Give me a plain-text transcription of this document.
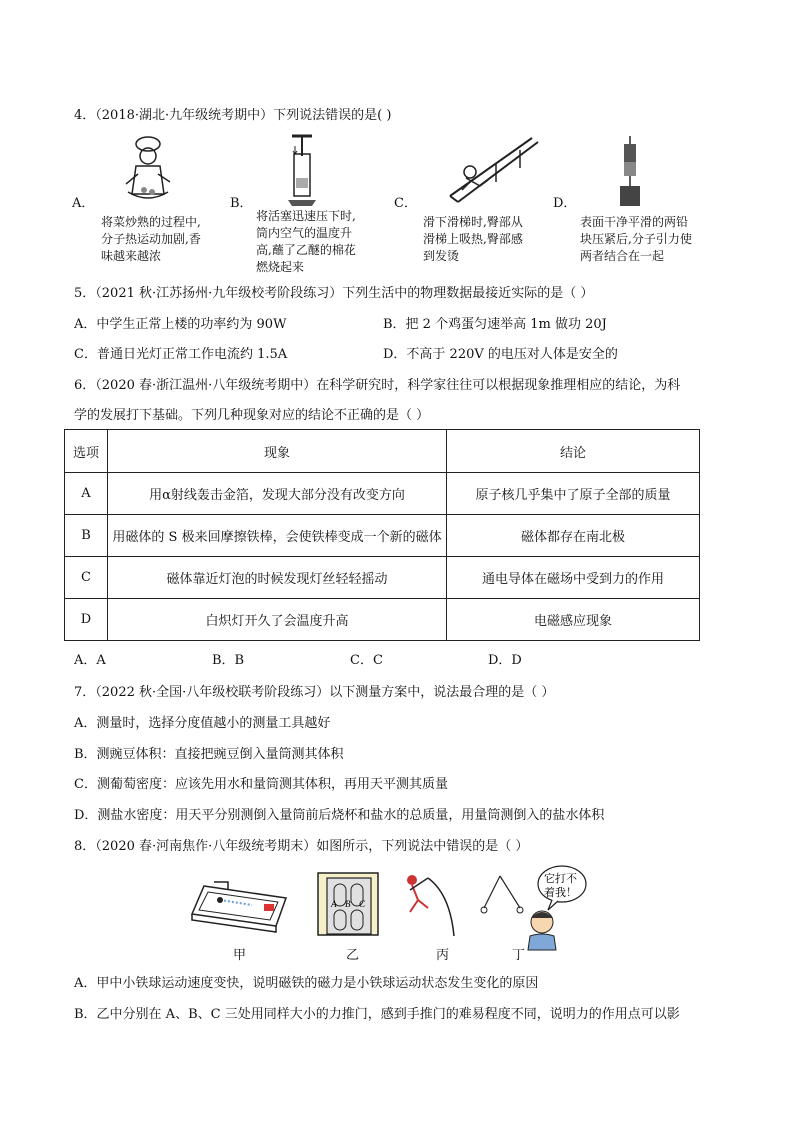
4．（2018·湖北·九年级统考期中）下列说法错误的是( )
A．
将菜炒熟的过程中,
分子热运动加剧,香
味越来越浓
B．
将活塞迅速压下时,
筒内空气的温度升
高,蘸了乙醚的棉花
燃烧起来
C．
滑下滑梯时,臀部从
滑梯上吸热,臀部感
到发烫
D．
表面干净平滑的两铅
块压紧后,分子引力使
两者结合在一起
5．（2021 秋·江苏扬州·九年级校考阶段练习）下列生活中的物理数据最接近实际的是（ ）
A．中学生正常上楼的功率约为 90W	B．把 2 个鸡蛋匀速举高 1m 做功 20J
C．普通日光灯正常工作电流约 1.5A	D．不高于 220V 的电压对人体是安全的
6．（2020 春·浙江温州·八年级统考期中）在科学研究时，科学家往往可以根据现象推理相应的结论，为科
学的发展打下基础。下列几种现象对应的结论不正确的是（ ）
选项	现象	结论
A	用α射线轰击金箔，发现大部分没有改变方向	原子核几乎集中了原子全部的质量
B	用磁体的 S 极来回摩擦铁棒，会使铁棒变成一个新的磁体	磁体都存在南北极
C	磁体靠近灯泡的时候发现灯丝轻轻摇动	通电导体在磁场中受到力的作用
D	白炽灯开久了会温度升高	电磁感应现象
A．A	B．B	C．C	D．D
7．（2022 秋·全国·八年级校联考阶段练习）以下测量方案中，说法最合理的是（ ）
A．测量时，选择分度值越小的测量工具越好
B．测豌豆体积：直接把豌豆倒入量筒测其体积
C．测葡萄密度：应该先用水和量筒测其体积，再用天平测其质量
D．测盐水密度：用天平分别测倒入量筒前后烧杯和盐水的总质量，用量筒测倒入的盐水体积
8．（2020 春·河南焦作·八年级统考期末）如图所示，下列说法中错误的是（ ）
甲
A B C
乙	丙
它打不
着我！
丁
A．甲中小铁球运动速度变快，说明磁铁的磁力是小铁球运动状态发生变化的原因
B．乙中分别在 A、B、C 三处用同样大小的力推门，感到手推门的难易程度不同，说明力的作用点可以影
